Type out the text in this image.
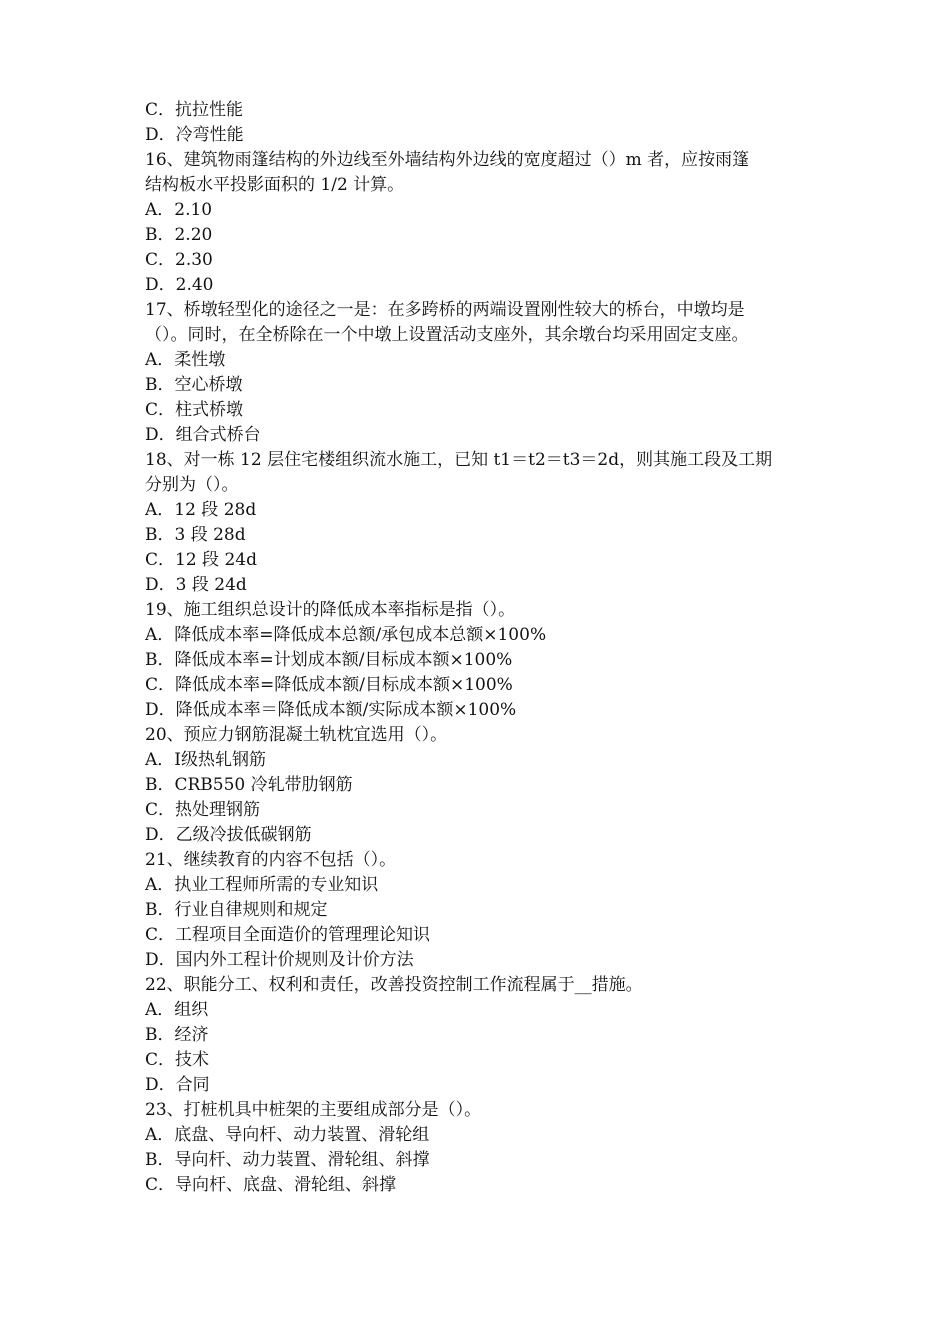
C．抗拉性能
D．冷弯性能
16、建筑物雨篷结构的外边线至外墙结构外边线的宽度超过（）m 者，应按雨篷
结构板水平投影面积的 1/2 计算。
A．2.10
B．2.20
C．2.30
D．2.40
17、桥墩轻型化的途径之一是：在多跨桥的两端设置刚性较大的桥台，中墩均是
（）。同时，在全桥除在一个中墩上设置活动支座外，其余墩台均采用固定支座。
A．柔性墩
B．空心桥墩
C．柱式桥墩
D．组合式桥台
18、对一栋 12 层住宅楼组织流水施工，已知 t1＝t2＝t3＝2d，则其施工段及工期
分别为（）。
A．12 段 28d
B．3 段 28d
C．12 段 24d
D．3 段 24d
19、施工组织总设计的降低成本率指标是指（）。
A．降低成本率=降低成本总额/承包成本总额×100%
B．降低成本率=计划成本额/目标成本额×100%
C．降低成本率=降低成本额/目标成本额×100%
D．降低成本率＝降低成本额/实际成本额×100%
20、预应力钢筋混凝土轨枕宜选用（）。
A．Ⅰ级热轧钢筋
B．CRB550 冷轧带肋钢筋
C．热处理钢筋
D．乙级冷拔低碳钢筋
21、继续教育的内容不包括（）。
A．执业工程师所需的专业知识
B．行业自律规则和规定
C．工程项目全面造价的管理理论知识
D．国内外工程计价规则及计价方法
22、职能分工、权利和责任，改善投资控制工作流程属于__措施。
A．组织
B．经济
C．技术
D．合同
23、打桩机具中桩架的主要组成部分是（）。
A．底盘、导向杆、动力装置、滑轮组
B．导向杆、动力装置、滑轮组、斜撑
C．导向杆、底盘、滑轮组、斜撑
